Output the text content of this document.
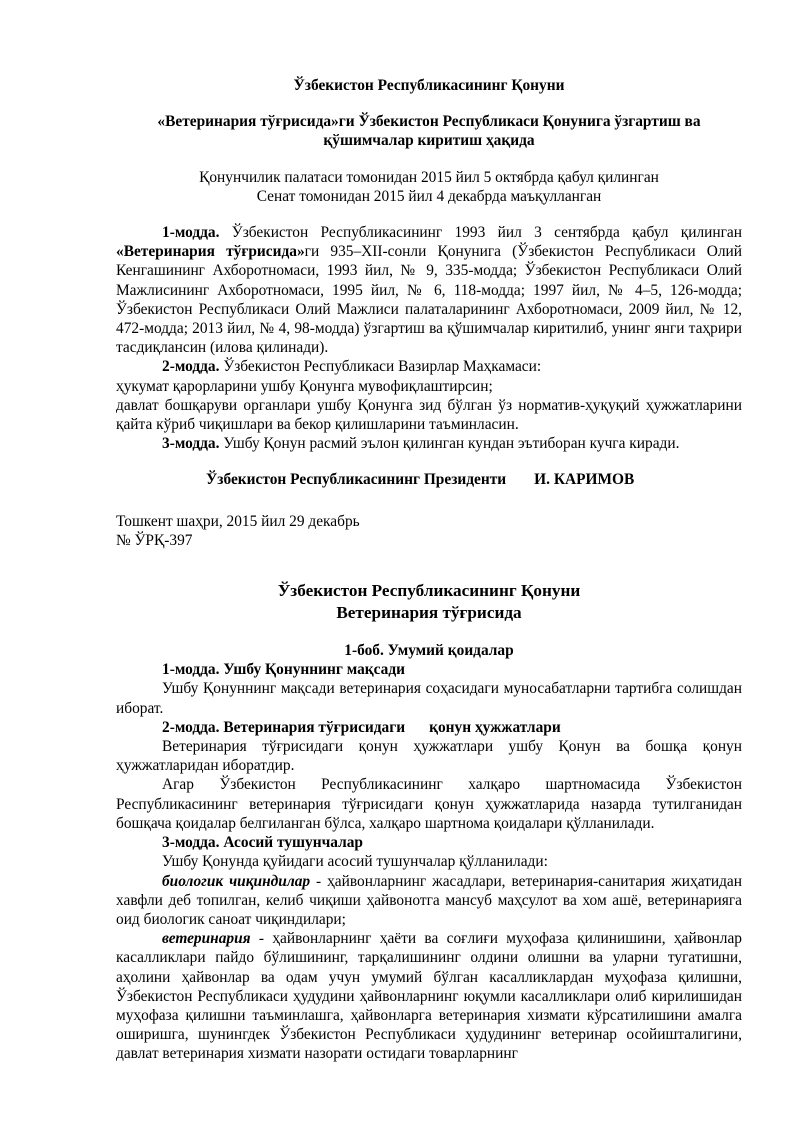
Ўзбекистон Республикасининг Қонуни

«Ветеринария тўғрисида»ги Ўзбекистон Республикаси Қонунига ўзгартиш ва қўшимчалар киритиш ҳақида

Қонунчилик палатаси томонидан 2015 йил 5 октябрда қабул қилинган

Сенат томонидан 2015 йил 4 декабрда маъқулланган

1-модда. Ўзбекистон Республикасининг 1993 йил 3 сентябрда қабул қилинган «Ветеринария тўғрисида»ги 935–XII-сонли Қонунига (Ўзбекистон Республикаси Олий Кенгашининг Ахборотномаси, 1993 йил, № 9, 335-модда; Ўзбекистон Республикаси Олий Мажлисининг Ахборотномаси, 1995 йил, № 6, 118-модда; 1997 йил, № 4–5, 126-модда; Ўзбекистон Республикаси Олий Мажлиси палаталарининг Ахборотномаси, 2009 йил, № 12, 472-модда; 2013 йил, № 4, 98-модда) ўзгартиш ва қўшимчалар киритилиб, унинг янги таҳрири тасдиқлансин (илова қилинади).

2-модда. Ўзбекистон Республикаси Вазирлар Маҳкамаси:

ҳукумат қарорларини ушбу Қонунга мувофиқлаштирсин;

давлат бошқаруви органлари ушбу Қонунга зид бўлган ўз норматив-ҳуқуқий ҳужжатларини қайта кўриб чиқишлари ва бекор қилишларини таъминласин.

3-модда. Ушбу Қонун расмий эълон қилинган кундан эътиборан кучга киради.

Ўзбекистон Республикасининг Президенти И. КАРИМОВ

Тошкент шаҳри, 2015 йил 29 декабрь

№ ЎРҚ-397

Ўзбекистон Республикасининг Қонуни

Ветеринария тўғрисида

1-боб. Умумий қоидалар

1-модда. Ушбу Қонуннинг мақсади

Ушбу Қонуннинг мақсади ветеринария соҳасидаги муносабатларни тартибга солишдан иборат.

2-модда. Ветеринария тўғрисидаги қонун ҳужжатлари

Ветеринария тўғрисидаги қонун ҳужжатлари ушбу Қонун ва бошқа қонун ҳужжатларидан иборатдир.

Агар Ўзбекистон Республикасининг халқаро шартномасида Ўзбекистон Республикасининг ветеринария тўғрисидаги қонун ҳужжатларида назарда тутилганидан бошқача қоидалар белгиланган бўлса, халқаро шартнома қоидалари қўлланилади.

3-модда. Асосий тушунчалар

Ушбу Қонунда қуйидаги асосий тушунчалар қўлланилади:

биологик чиқиндилар - ҳайвонларнинг жасадлари, ветеринария-санитария жиҳатидан хавфли деб топилган, келиб чиқиши ҳайвонотга мансуб маҳсулот ва хом ашё, ветеринарияга оид биологик саноат чиқиндилари;

ветеринария - ҳайвонларнинг ҳаёти ва соғлиғи муҳофаза қилинишини, ҳайвонлар касалликлари пайдо бўлишининг, тарқалишининг олдини олишни ва уларни тугатишни, аҳолини ҳайвонлар ва одам учун умумий бўлган касалликлардан муҳофаза қилишни, Ўзбекистон Республикаси ҳудудини ҳайвонларнинг юқумли касалликлари олиб кирилишидан муҳофаза қилишни таъминлашга, ҳайвонларга ветеринария хизмати кўрсатилишини амалга оширишга, шунингдек Ўзбекистон Республикаси ҳудудининг ветеринар осойишталигини, давлат ветеринария хизмати назорати остидаги товарларнинг
